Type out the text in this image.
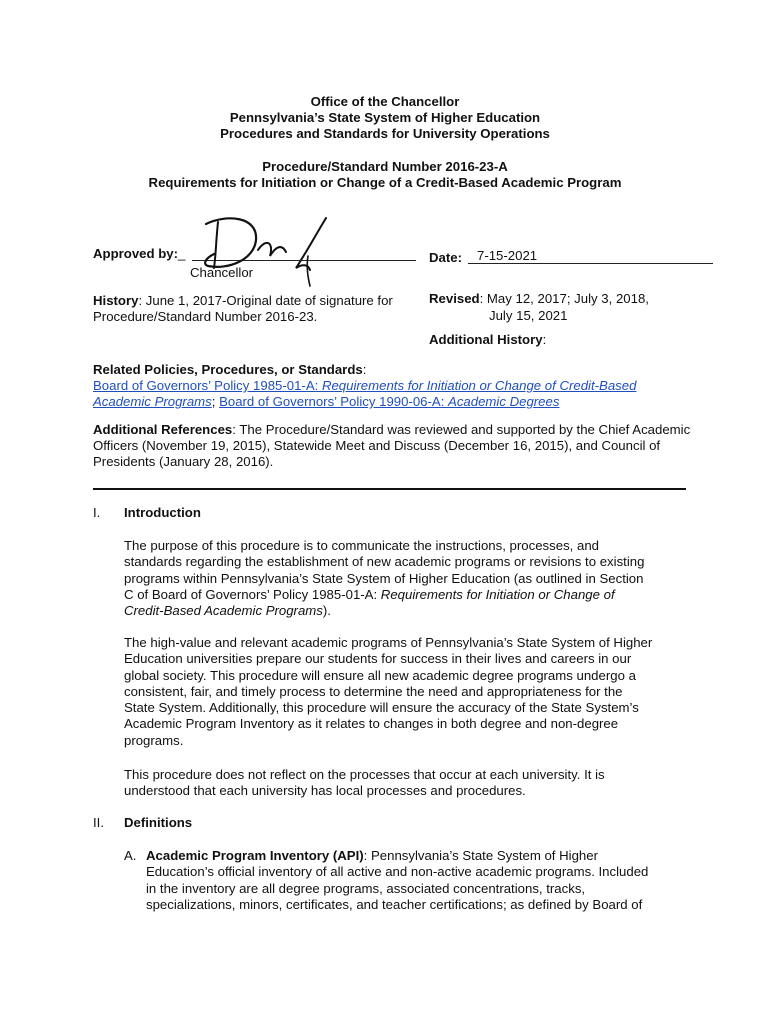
Office of the Chancellor
Pennsylvania’s State System of Higher Education
Procedures and Standards for University Operations
Procedure/Standard Number 2016-23-A
Requirements for Initiation or Change of a Credit-Based Academic Program
Approved by:_
Chancellor
Date: 7-15-2021
History: June 1, 2017-Original date of signature for
Procedure/Standard Number 2016-23.
Revised: May 12, 2017; July 3, 2018,
July 15, 2021
Additional History:
Related Policies, Procedures, or Standards:
Board of Governors’ Policy 1985-01-A: Requirements for Initiation or Change of Credit-Based
Academic Programs; Board of Governors’ Policy 1990-06-A: Academic Degrees
Additional References: The Procedure/Standard was reviewed and supported by the Chief Academic
Officers (November 19, 2015), Statewide Meet and Discuss (December 16, 2015), and Council of
Presidents (January 28, 2016).
I. Introduction
The purpose of this procedure is to communicate the instructions, processes, and
standards regarding the establishment of new academic programs or revisions to existing
programs within Pennsylvania’s State System of Higher Education (as outlined in Section
C of Board of Governors’ Policy 1985-01-A: Requirements for Initiation or Change of
Credit-Based Academic Programs).
The high-value and relevant academic programs of Pennsylvania’s State System of Higher
Education universities prepare our students for success in their lives and careers in our
global society. This procedure will ensure all new academic degree programs undergo a
consistent, fair, and timely process to determine the need and appropriateness for the
State System. Additionally, this procedure will ensure the accuracy of the State System’s
Academic Program Inventory as it relates to changes in both degree and non-degree
programs.
This procedure does not reflect on the processes that occur at each university. It is
understood that each university has local processes and procedures.
II. Definitions
A. Academic Program Inventory (API): Pennsylvania’s State System of Higher
Education’s official inventory of all active and non-active academic programs. Included
in the inventory are all degree programs, associated concentrations, tracks,
specializations, minors, certificates, and teacher certifications; as defined by Board of
